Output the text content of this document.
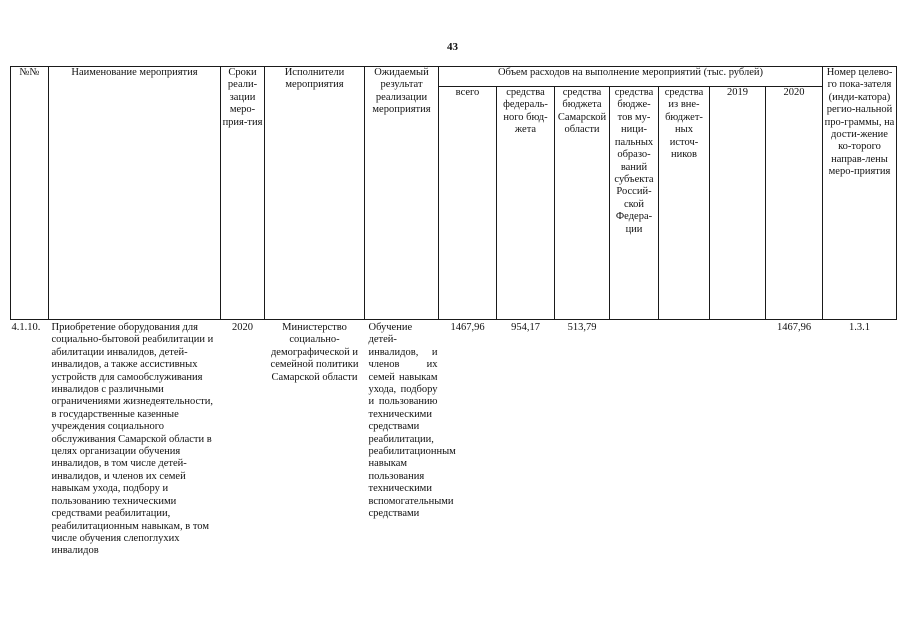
43
№№	Наименование мероприятия	Сроки реали-зации меро-прия-тия	Исполнители мероприятия	Ожидаемый результат реализации мероприятия	Объем расходов на выполнение мероприятий (тыс. рублей)							Номер целево-го пока-зателя (инди-катора) регио-нальной про-граммы, на дости-жение ко-торого направ-лены меро-приятия
					всего	средства федераль-ного бюд-жета	средства бюджета Самарской области	средства бюдже-тов му-ници-пальных образо-ваний субъекта Россий-ской Федера-ции	средства из вне-бюджет-ных источ-ников	2019	2020	
4.1.10.	Приобретение оборудования для социально-бытовой реабилитации и абилитации инвалидов, детей-инвалидов, а также ассистивных устройств для самообслуживания инвалидов с различными ограничениями жизнедеятельности, в государственные казенные учреждения социального обслуживания Самарской области в целях организации обучения инвалидов, в том числе детей-инвалидов, и членов их семей навыкам ухода, подбору и пользованию техническими средствами реабилитации, реабилитационным навыкам, в том числе обучения слепоглухих инвалидов	2020	Министерство социально-демографической и семейной политики Самарской области	Обучение детей-инвалидов, и членов их семей навыкам ухода, подбору и пользованию техническими средствами реабилитации, реабилитационным навыкам пользования техническими вспомогательными средствами	1467,96	954,17	513,79				1467,96	1.3.1
